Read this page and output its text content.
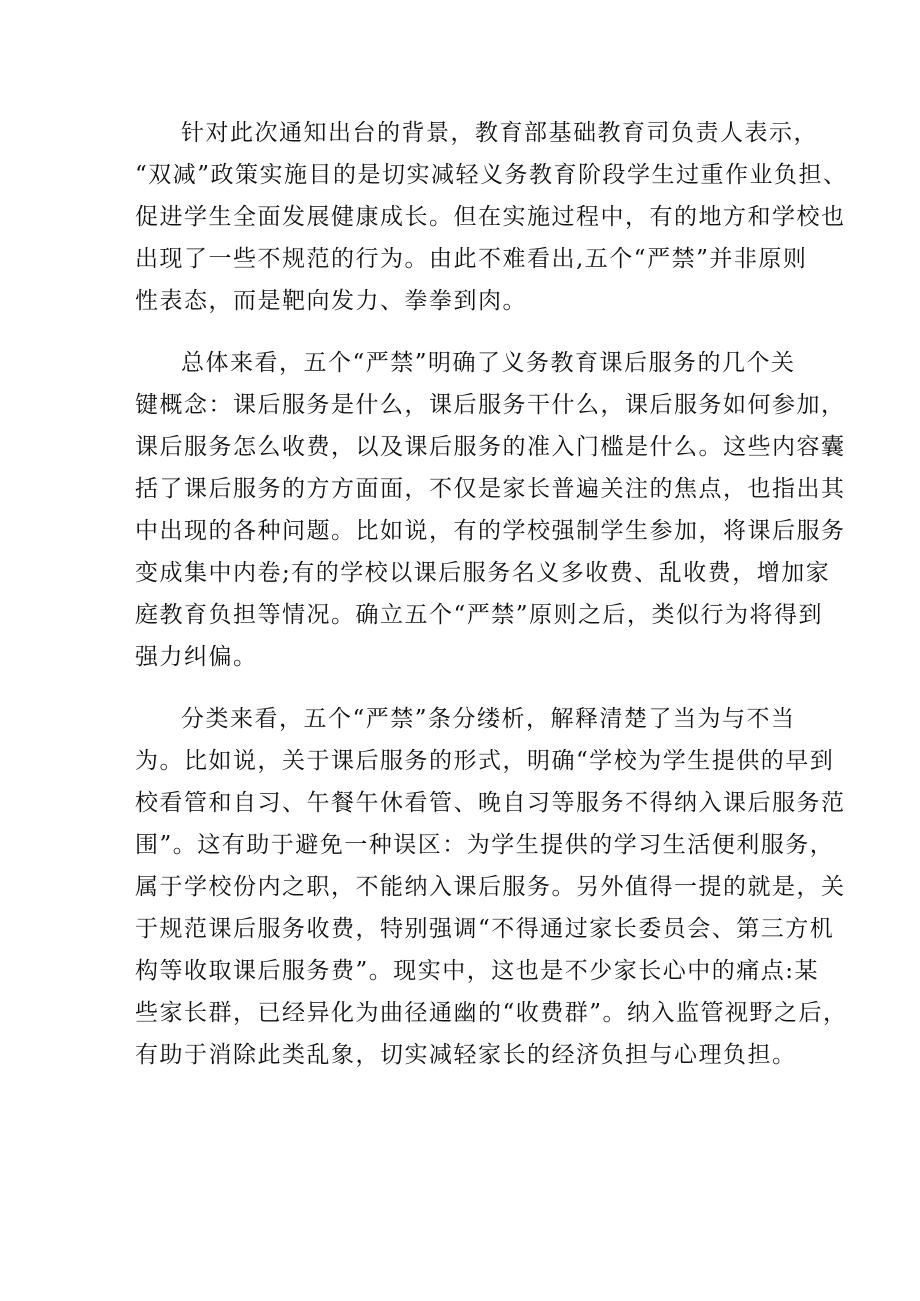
针对此次通知出台的背景，教育部基础教育司负责人表示，
“双减”政策实施目的是切实减轻义务教育阶段学生过重作业负担、
促进学生全面发展健康成长。但在实施过程中，有的地方和学校也
出现了一些不规范的行为。由此不难看出,五个“严禁”并非原则
性表态，而是靶向发力、拳拳到肉。
总体来看，五个“严禁”明确了义务教育课后服务的几个关
键概念：课后服务是什么，课后服务干什么，课后服务如何参加，
课后服务怎么收费，以及课后服务的准入门槛是什么。这些内容囊
括了课后服务的方方面面，不仅是家长普遍关注的焦点，也指出其
中出现的各种问题。比如说，有的学校强制学生参加，将课后服务
变成集中内卷;有的学校以课后服务名义多收费、乱收费，增加家
庭教育负担等情况。确立五个“严禁”原则之后，类似行为将得到
强力纠偏。
分类来看，五个“严禁”条分缕析，解释清楚了当为与不当
为。比如说，关于课后服务的形式，明确“学校为学生提供的早到
校看管和自习、午餐午休看管、晚自习等服务不得纳入课后服务范
围”。这有助于避免一种误区：为学生提供的学习生活便利服务，
属于学校份内之职，不能纳入课后服务。另外值得一提的就是，关
于规范课后服务收费，特别强调“不得通过家长委员会、第三方机
构等收取课后服务费”。现实中，这也是不少家长心中的痛点:某
些家长群，已经异化为曲径通幽的“收费群”。纳入监管视野之后，
有助于消除此类乱象，切实减轻家长的经济负担与心理负担。
